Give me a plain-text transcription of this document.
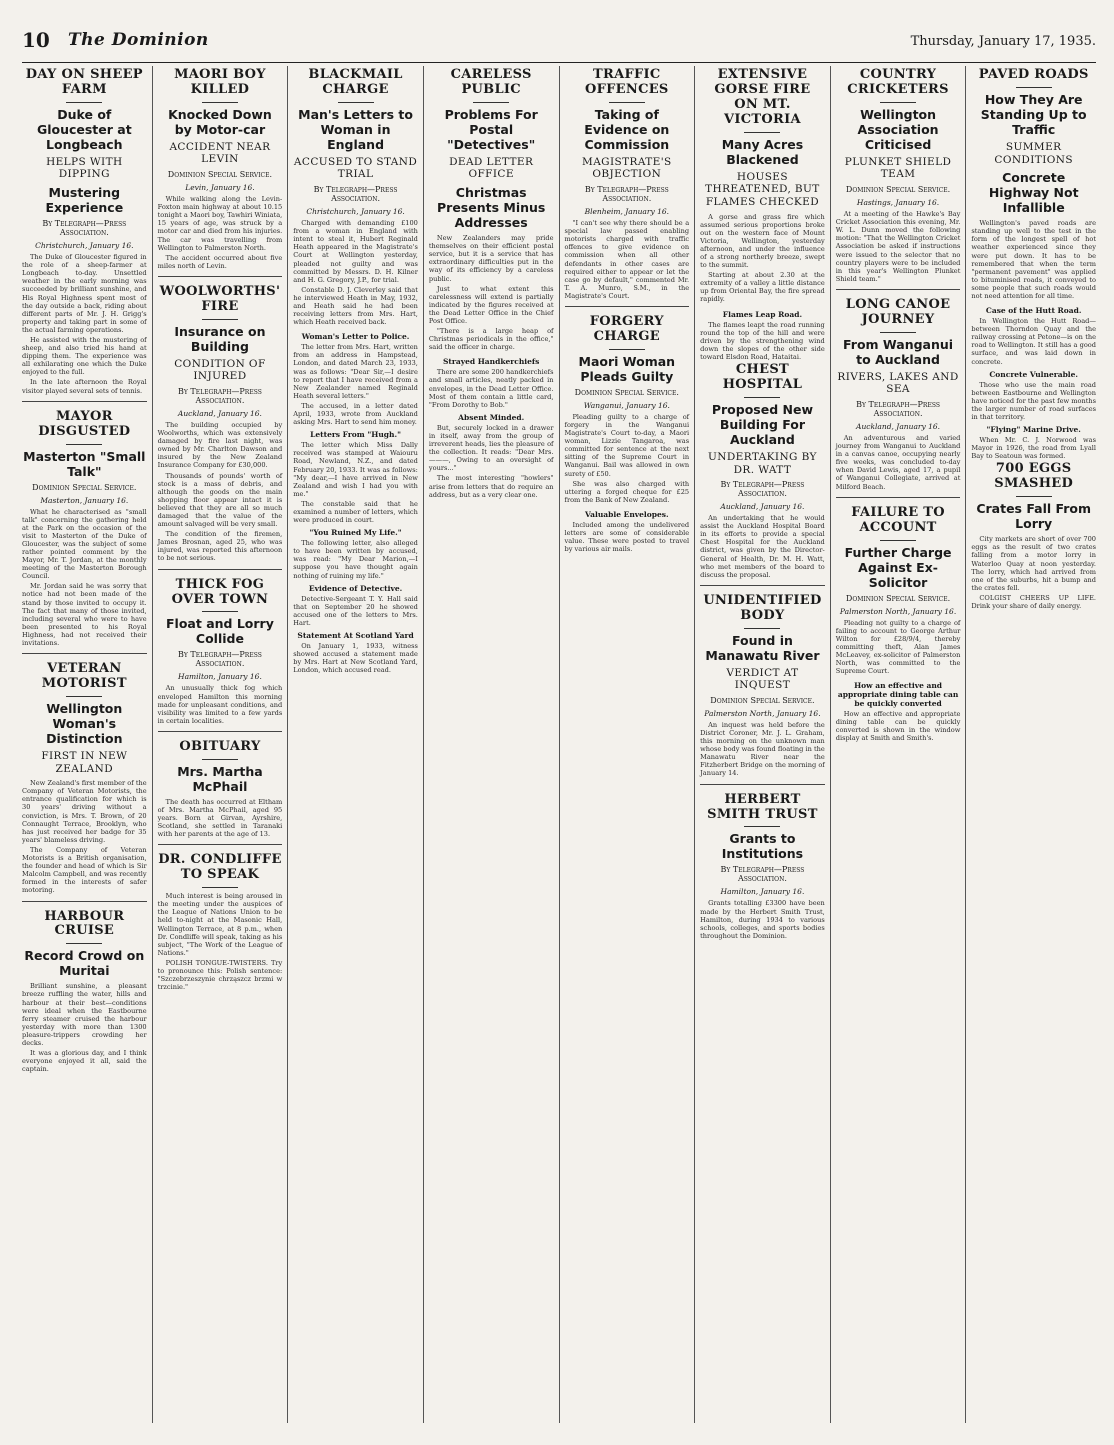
10 The Dominion	Thursday, January 17, 1935.
DAY ON SHEEP FARM
Duke of Gloucester at Longbeach
HELPS WITH DIPPING
Mustering Experience
By Telegraph—Press Association.
Christchurch, January 16.

The Duke of Gloucester figured in the role of a sheep-farmer at Longbeach to-day. Unsettled weather in the early morning was succeeded by brilliant sunshine, and His Royal Highness spent most of the day outside a back, riding about different parts of Mr. J. H. Grigg's property and taking part in some of the actual farming operations.

He assisted with the mustering of sheep, and also tried his hand at dipping them. The experience was all exhilarating one which the Duke enjoyed to the full.

In the late afternoon the Royal visitor played several sets of tennis.

MAYOR DISGUSTED
Masterton "Small Talk"
Dominion Special Service.
Masterton, January 16.

What he characterised as "small talk" concerning the gathering held at the Park on the occasion of the visit to Masterton of the Duke of Gloucester, was the subject of some rather pointed comment by the Mayor, Mr. T. Jordan, at the monthly meeting of the Masterton Borough Council.

Mr. Jordan said he was sorry that notice had not been made of the stand by those invited to occupy it. The fact that many of those invited, including several who were to have been presented to his Royal Highness, had not received their invitations.

VETERAN MOTORIST
Wellington Woman's Distinction
FIRST IN NEW ZEALAND

New Zealand's first member of the Company of Veteran Motorists, the entrance qualification for which is 30 years' driving without a conviction, is Mrs. T. Brown, of 20 Connaught Terrace, Brooklyn, who has just received her badge for 35 years' blameless driving.

The Company of Veteran Motorists is a British organisation, the founder and head of which is Sir Malcolm Campbell, and was recently formed in the interests of safer motoring.

HARBOUR CRUISE
Record Crowd on Muritai

Brilliant sunshine, a pleasant breeze ruffling the water, hills and harbour at their best—conditions were ideal when the Eastbourne ferry steamer cruised the harbour yesterday with more than 1300 pleasure-trippers crowding her decks.

It was a glorious day, and I think everyone enjoyed it all, said the captain.

MAORI BOY KILLED
Knocked Down by Motor-car
ACCIDENT NEAR LEVIN
Dominion Special Service.
Levin, January 16.

While walking along the Levin-Foxton main highway at about 10.15 tonight a Maori boy, Tawhiri Winiata, 15 years of age, was struck by a motor car and died from his injuries. The car was travelling from Wellington to Palmerston North.

The accident occurred about five miles north of Levin.

WOOLWORTHS' FIRE
Insurance on Building
CONDITION OF INJURED
By Telegraph—Press Association.
Auckland, January 16.

The building occupied by Woolworths, which was extensively damaged by fire last night, was owned by Mr. Charlton Dawson and insured by the New Zealand Insurance Company for £30,000.

Thousands of pounds' worth of stock is a mass of debris, and although the goods on the main shopping floor appear intact it is believed that they are all so much damaged that the value of the amount salvaged will be very small.

The condition of the firemen, James Brosnan, aged 25, who was injured, was reported this afternoon to be not serious.

THICK FOG OVER TOWN
Float and Lorry Collide
By Telegraph—Press Association.
Hamilton, January 16.

An unusually thick fog which enveloped Hamilton this morning made for unpleasant conditions, and visibility was limited to a few yards in certain localities.

OBITUARY
Mrs. Martha McPhail

The death has occurred at Eltham of Mrs. Martha McPhail, aged 95 years. Born at Girvan, Ayrshire, Scotland, she settled in Taranaki with her parents at the age of 13.

DR. CONDLIFFE TO SPEAK

Much interest is being aroused in the meeting under the auspices of the League of Nations Union to be held to-night at the Masonic Hall, Wellington Terrace, at 8 p.m., when Dr. Condliffe will speak, taking as his subject, "The Work of the League of Nations."

POLISH TONGUE-TWISTERS. Try to pronounce this: Polish sentence: "Szczebrzeszynie chrząszcz brzmi w trzcinie."

BLACKMAIL CHARGE
Man's Letters to Woman in England
ACCUSED TO STAND TRIAL
By Telegraph—Press Association.
Christchurch, January 16.

Charged with demanding £100 from a woman in England with intent to steal it, Hubert Reginald Heath appeared in the Magistrate's Court at Wellington yesterday, pleaded not guilty and was committed by Messrs. D. H. Kilner and H. G. Gregory, J.P., for trial.

Constable D. J. Cleverley said that he interviewed Heath in May, 1932, and Heath said he had been receiving letters from Mrs. Hart, which Heath received back.

Woman's Letter to Police.

The letter from Mrs. Hart, written from an address in Hampstead, London, and dated March 23, 1933, was as follows: "Dear Sir,—I desire to report that I have received from a New Zealander named Reginald Heath several letters."

The accused, in a letter dated April, 1933, wrote from Auckland asking Mrs. Hart to send him money.

Letters From "Hugh."

The letter which Miss Dally received was stamped at Waiouru Road, Newland, N.Z., and dated February 20, 1933. It was as follows: "My dear,—I have arrived in New Zealand and wish I had you with me."

The constable said that he examined a number of letters, which were produced in court.

"You Ruined My Life."

The following letter, also alleged to have been written by accused, was read: "My Dear Marion,—I suppose you have thought again nothing of ruining my life."

Evidence of Detective.

Detective-Sergeant T. Y. Hall said that on September 20 he showed accused one of the letters to Mrs. Hart.

Statement At Scotland Yard

On January 1, 1933, witness showed accused a statement made by Mrs. Hart at New Scotland Yard, London, which accused read.

CARELESS PUBLIC
Problems For Postal "Detectives"
DEAD LETTER OFFICE
Christmas Presents Minus Addresses

New Zealanders may pride themselves on their efficient postal service, but it is a service that has extraordinary difficulties put in the way of its efficiency by a careless public.

Just to what extent this carelessness will extend is partially indicated by the figures received at the Dead Letter Office in the Chief Post Office.

"There is a large heap of Christmas periodicals in the office," said the officer in charge.

Strayed Handkerchiefs

There are some 200 handkerchiefs and small articles, neatly packed in envelopes, in the Dead Letter Office. Most of them contain a little card, "From Dorothy to Bob."

Absent Minded.

But, securely locked in a drawer in itself, away from the group of irreverent heads, lies the pleasure of the collection. It reads: "Dear Mrs. ———, Owing to an oversight of yours..."

The most interesting "howlers" arise from letters that do require an address, but as a very clear one.

TRAFFIC OFFENCES
Taking of Evidence on Commission
MAGISTRATE'S OBJECTION
By Telegraph—Press Association.
Blenheim, January 16.

"I can't see why there should be a special law passed enabling motorists charged with traffic offences to give evidence on commission when all other defendants in other cases are required either to appear or let the case go by default," commented Mr. T. A. Munro, S.M., in the Magistrate's Court.

FORGERY CHARGE
Maori Woman Pleads Guilty
Dominion Special Service.
Wanganui, January 16.

Pleading guilty to a charge of forgery in the Wanganui Magistrate's Court to-day, a Maori woman, Lizzie Tangaroa, was committed for sentence at the next sitting of the Supreme Court in Wanganui. Bail was allowed in own surety of £50.

She was also charged with uttering a forged cheque for £25 from the Bank of New Zealand.

Valuable Envelopes.

Included among the undelivered letters are some of considerable value. These were posted to travel by various air mails.

EXTENSIVE GORSE FIRE ON MT. VICTORIA
Many Acres Blackened
HOUSES THREATENED, BUT FLAMES CHECKED

A gorse and grass fire which assumed serious proportions broke out on the western face of Mount Victoria, Wellington, yesterday afternoon, and under the influence of a strong northerly breeze, swept to the summit.

Starting at about 2.30 at the extremity of a valley a little distance up from Oriental Bay, the fire spread rapidly.

Flames Leap Road.

The flames leapt the road running round the top of the hill and were driven by the strengthening wind down the slopes of the other side toward Elsdon Road, Hataitai.

CHEST HOSPITAL
Proposed New Building For Auckland
UNDERTAKING BY DR. WATT
By Telegraph—Press Association.
Auckland, January 16.

An undertaking that he would assist the Auckland Hospital Board in its efforts to provide a special Chest Hospital for the Auckland district, was given by the Director-General of Health, Dr. M. H. Watt, who met members of the board to discuss the proposal.

UNIDENTIFIED BODY
Found in Manawatu River
VERDICT AT INQUEST
Dominion Special Service.
Palmerston North, January 16.

An inquest was held before the District Coroner, Mr. J. L. Graham, this morning on the unknown man whose body was found floating in the Manawatu River near the Fitzherbert Bridge on the morning of January 14.

HERBERT SMITH TRUST
Grants to Institutions
By Telegraph—Press Association.
Hamilton, January 16.

Grants totalling £3300 have been made by the Herbert Smith Trust, Hamilton, during 1934 to various schools, colleges, and sports bodies throughout the Dominion.

COUNTRY CRICKETERS
Wellington Association Criticised
PLUNKET SHIELD TEAM
Dominion Special Service.
Hastings, January 16.

At a meeting of the Hawke's Bay Cricket Association this evening, Mr. W. L. Dunn moved the following motion: "That the Wellington Cricket Association be asked if instructions were issued to the selector that no country players were to be included in this year's Wellington Plunket Shield team."

LONG CANOE JOURNEY
From Wanganui to Auckland
RIVERS, LAKES AND SEA
By Telegraph—Press Association.
Auckland, January 16.

An adventurous and varied journey from Wanganui to Auckland in a canvas canoe, occupying nearly five weeks, was concluded to-day when David Lewis, aged 17, a pupil of Wanganui Collegiate, arrived at Milford Beach.

FAILURE TO ACCOUNT
Further Charge Against Ex-Solicitor
Dominion Special Service.
Palmerston North, January 16.

Pleading not guilty to a charge of failing to account to George Arthur Wilton for £28/9/4, thereby committing theft, Alan James McLeavey, ex-solicitor of Palmerston North, was committed to the Supreme Court.

How an effective and appropriate dining table can be quickly converted

How an effective and appropriate dining table can be quickly converted is shown in the window display at Smith and Smith's.

PAVED ROADS
How They Are Standing Up to Traffic
SUMMER CONDITIONS
Concrete Highway Not Infallible

Wellington's paved roads are standing up well to the test in the form of the longest spell of hot weather experienced since they were put down. It has to be remembered that when the term "permanent pavement" was applied to bituminised roads, it conveyed to some people that such roads would not need attention for all time.

Case of the Hutt Road.

In Wellington the Hutt Road—between Thorndon Quay and the railway crossing at Petone—is on the road to Wellington. It still has a good surface, and was laid down in concrete.

Concrete Vulnerable.

Those who use the main road between Eastbourne and Wellington have noticed for the past few months the larger number of road surfaces in that territory.

"Flying" Marine Drive.

When Mr. C. J. Norwood was Mayor in 1926, the road from Lyall Bay to Seatoun was formed.

700 EGGS SMASHED
Crates Fall From Lorry

City markets are short of over 700 eggs as the result of two crates falling from a motor lorry in Waterloo Quay at noon yesterday. The lorry, which had arrived from one of the suburbs, hit a bump and the crates fell.

COLGIST CHEERS UP LIFE. Drink your share of daily energy.
